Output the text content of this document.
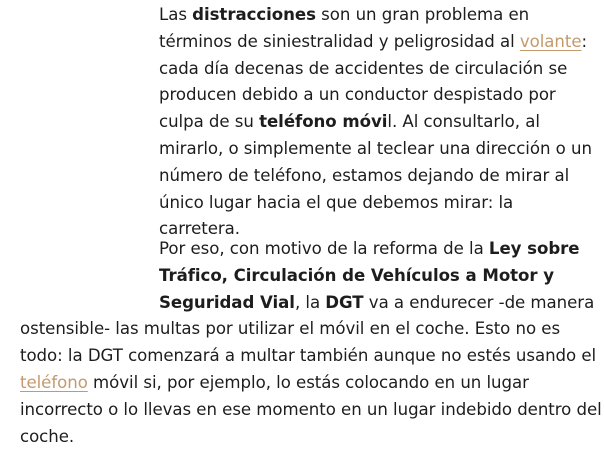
Las distracciones son un gran problema en términos de siniestralidad y peligrosidad al volante: cada día decenas de accidentes de circulación se producen debido a un conductor despistado por culpa de su teléfono móvil. Al consultarlo, al mirarlo, o simplemente al teclear una dirección o un número de teléfono, estamos dejando de mirar al único lugar hacia el que debemos mirar: la carretera.

Por eso, con motivo de la reforma de la Ley sobre Tráfico, Circulación de Vehículos a Motor y Seguridad Vial, la DGT va a endurecer -de manera ostensible- las multas por utilizar el móvil en el coche. Esto no es todo: la DGT comenzará a multar también aunque no estés usando el teléfono móvil si, por ejemplo, lo estás colocando en un lugar incorrecto o lo llevas en ese momento en un lugar indebido dentro del coche.
